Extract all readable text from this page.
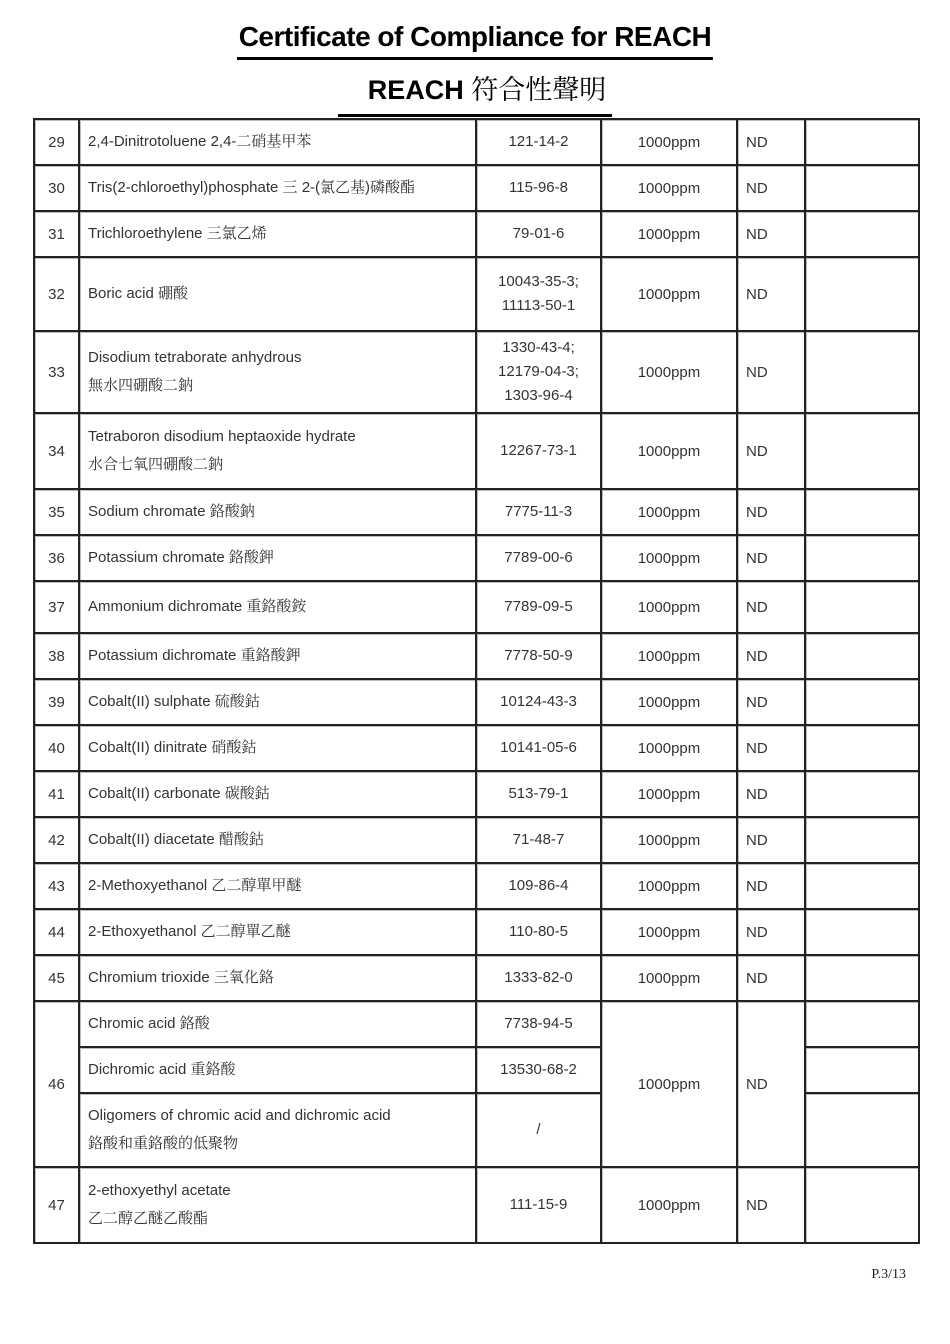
Certificate of Compliance for REACH
REACH 符合性聲明
29	2,4-Dinitrotoluene 2,4-二硝基甲苯	121-14-2	1000ppm	ND	
30	Tris(2-chloroethyl)phosphate 三 2-(氯乙基)磷酸酯	115-96-8	1000ppm	ND	
31	Trichloroethylene 三氯乙烯	79-01-6	1000ppm	ND	
32	Boric acid 硼酸	10043-35-3;
11113-50-1	1000ppm	ND	
33	Disodium tetraborate anhydrous
無水四硼酸二鈉	1330-43-4;
12179-04-3;
1303-96-4	1000ppm	ND	
34	Tetraboron disodium heptaoxide hydrate
水合七氧四硼酸二鈉	12267-73-1	1000ppm	ND	
35	Sodium chromate 鉻酸鈉	7775-11-3	1000ppm	ND	
36	Potassium chromate 鉻酸鉀	7789-00-6	1000ppm	ND	
37	Ammonium dichromate 重鉻酸銨	7789-09-5	1000ppm	ND	
38	Potassium dichromate 重鉻酸鉀	7778-50-9	1000ppm	ND	
39	Cobalt(II) sulphate 硫酸鈷	10124-43-3	1000ppm	ND	
40	Cobalt(II) dinitrate 硝酸鈷	10141-05-6	1000ppm	ND	
41	Cobalt(II) carbonate 碳酸鈷	513-79-1	1000ppm	ND	
42	Cobalt(II) diacetate 醋酸鈷	71-48-7	1000ppm	ND	
43	2-Methoxyethanol 乙二醇單甲醚	109-86-4	1000ppm	ND	
44	2-Ethoxyethanol 乙二醇單乙醚	110-80-5	1000ppm	ND	
45	Chromium trioxide 三氧化鉻	1333-82-0	1000ppm	ND	
46	Chromic acid 鉻酸	7738-94-5	1000ppm	ND	

	Dichromic acid 重鉻酸	13530-68-2			

	Oligomers of chromic acid and dichromic acid
鉻酸和重鉻酸的低聚物	/			
47	2-ethoxyethyl acetate
乙二醇乙醚乙酸酯	111-15-9	1000ppm	ND	
P.3/13
